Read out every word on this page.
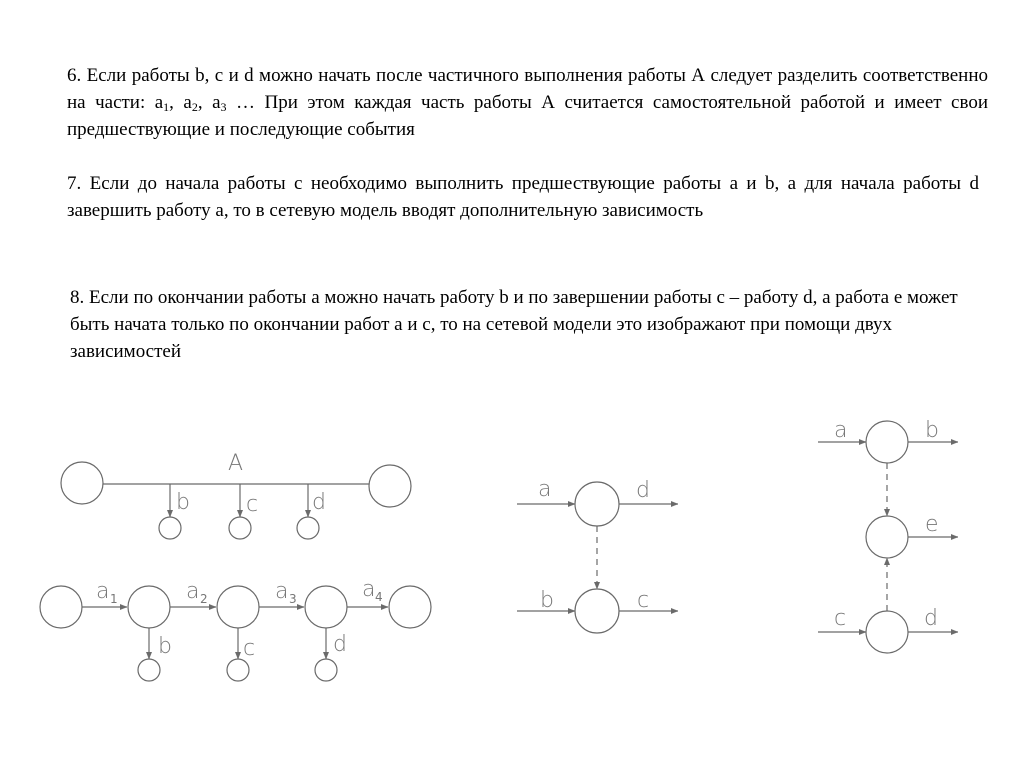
6. Если работы b, c и d можно начать после частичного выполнения работы А следует разделить соответственно на части: $а_1$, $а_2$, $а_3$ … При этом каждая часть работы А считается самостоятельной работой и имеет свои предшествующие и последующие события

7. Если до начала работы с необходимо выполнить предшествующие работы a и b, а для начала работы d завершить работу а, то в сетевую модель вводят дополнительную зависимость

8. Если по окончании работы а можно начать работу b и по завершении работы c – работу d, а работа е может быть начата только по окончании работ a и c, то на сетевой модели это изображают при помощи двух зависимостей

A
b	c d
a 1	a 2	a 3	a 4
b	c	d
a	d
b	c
a	b
e
c	d
